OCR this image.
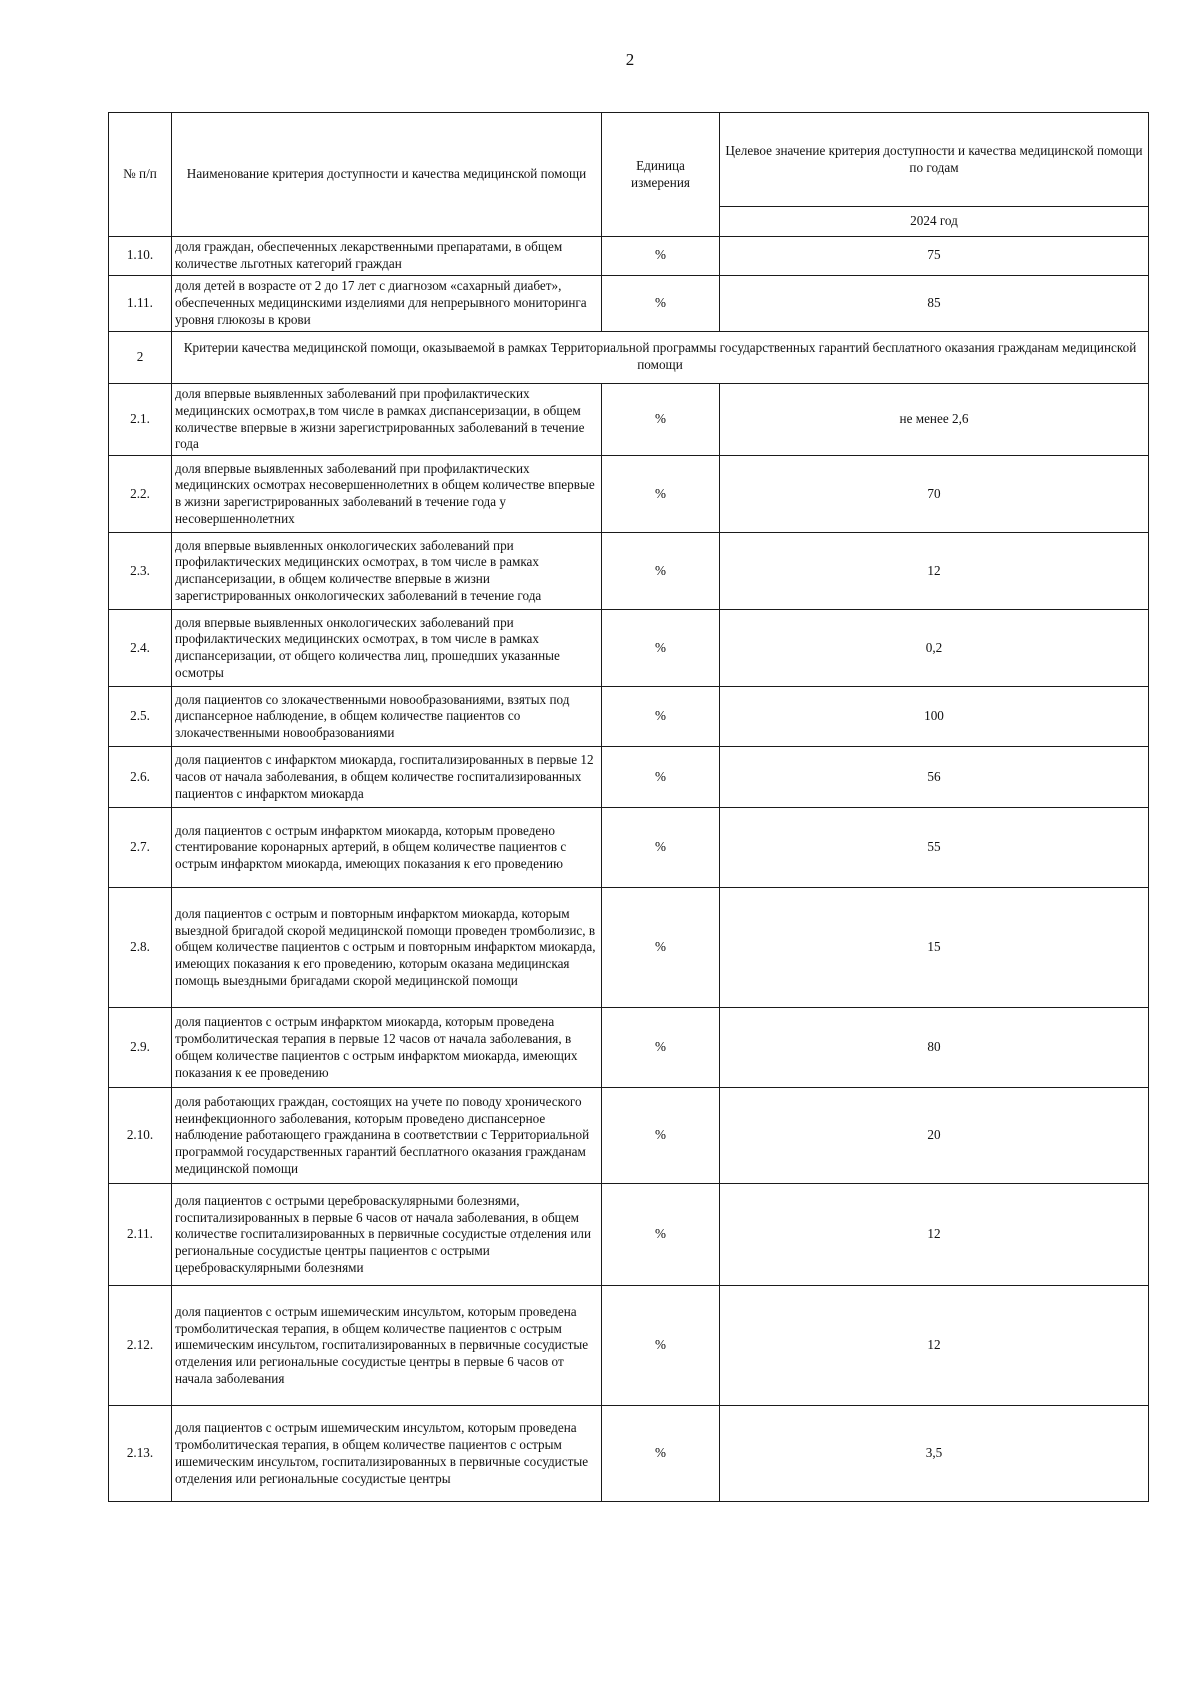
2
№ п/п	Наименование критерия доступности и качества медицинской помощи	Единица измерения	Целевое значение критерия доступности и качества медицинской помощи по годам
			2024 год
1.10.	доля граждан, обеспеченных лекарственными препаратами, в общем количестве льготных категорий граждан	%	75
1.11.	доля детей в возрасте от 2 до 17 лет с диагнозом «сахарный диабет», обеспеченных медицинскими изделиями для непрерывного мониторинга уровня глюкозы в крови	%	85
2	Критерии качества медицинской помощи, оказываемой в рамках Территориальной программы государственных гарантий бесплатного оказания гражданам медицинской помощи		
2.1.	доля впервые выявленных заболеваний при профилактических медицинских осмотрах,в том числе в рамках диспансеризации, в общем количестве впервые в жизни зарегистрированных заболеваний в течение года	%	не менее 2,6
2.2.	доля впервые выявленных заболеваний при профилактических медицинских осмотрах несовершеннолетних в общем количестве впервые в жизни зарегистрированных заболеваний в течение года у несовершеннолетних	%	70
2.3.	доля впервые выявленных онкологических заболеваний при профилактических медицинских осмотрах, в том числе в рамках диспансеризации, в общем количестве впервые в жизни зарегистрированных онкологических заболеваний в течение года	%	12
2.4.	доля впервые выявленных онкологических заболеваний при профилактических медицинских осмотрах, в том числе в рамках диспансеризации, от общего количества лиц, прошедших указанные осмотры	%	0,2
2.5.	доля пациентов со злокачественными новообразованиями, взятых под диспансерное наблюдение, в общем количестве пациентов со злокачественными новообразованиями	%	100
2.6.	доля пациентов с инфарктом миокарда, госпитализированных в первые 12 часов от начала заболевания, в общем количестве госпитализированных пациентов с инфарктом миокарда	%	56
2.7.	доля пациентов с острым инфарктом миокарда, которым проведено стентирование коронарных артерий, в общем количестве пациентов с острым инфарктом миокарда, имеющих показания к его проведению	%	55
2.8.	доля пациентов с острым и повторным инфарктом миокарда, которым выездной бригадой скорой медицинской помощи проведен тромболизис, в общем количестве пациентов с острым и повторным инфарктом миокарда, имеющих показания к его проведению, которым оказана медицинская помощь выездными бригадами скорой медицинской помощи	%	15
2.9.	доля пациентов с острым инфарктом миокарда, которым проведена тромболитическая терапия в первые 12 часов от начала заболевания, в общем количестве пациентов с острым инфарктом миокарда, имеющих показания к ее проведению	%	80
2.10.	доля работающих граждан, состоящих на учете по поводу хронического неинфекционного заболевания, которым проведено диспансерное наблюдение работающего гражданина в соответствии с Территориальной программой государственных гарантий бесплатного оказания гражданам медицинской помощи	%	20
2.11.	доля пациентов с острыми цереброваскулярными болезнями, госпитализированных в первые 6 часов от начала заболевания, в общем количестве госпитализированных в первичные сосудистые отделения или региональные сосудистые центры пациентов с острыми цереброваскулярными болезнями	%	12
2.12.	доля пациентов с острым ишемическим инсультом, которым проведена тромболитическая терапия, в общем количестве пациентов с острым ишемическим инсультом, госпитализированных в первичные сосудистые отделения или региональные сосудистые центры в первые 6 часов от начала заболевания	%	12
2.13.	доля пациентов с острым ишемическим инсультом, которым проведена тромболитическая терапия, в общем количестве пациентов с острым ишемическим инсультом, госпитализированных в первичные сосудистые отделения или региональные сосудистые центры	%	3,5
